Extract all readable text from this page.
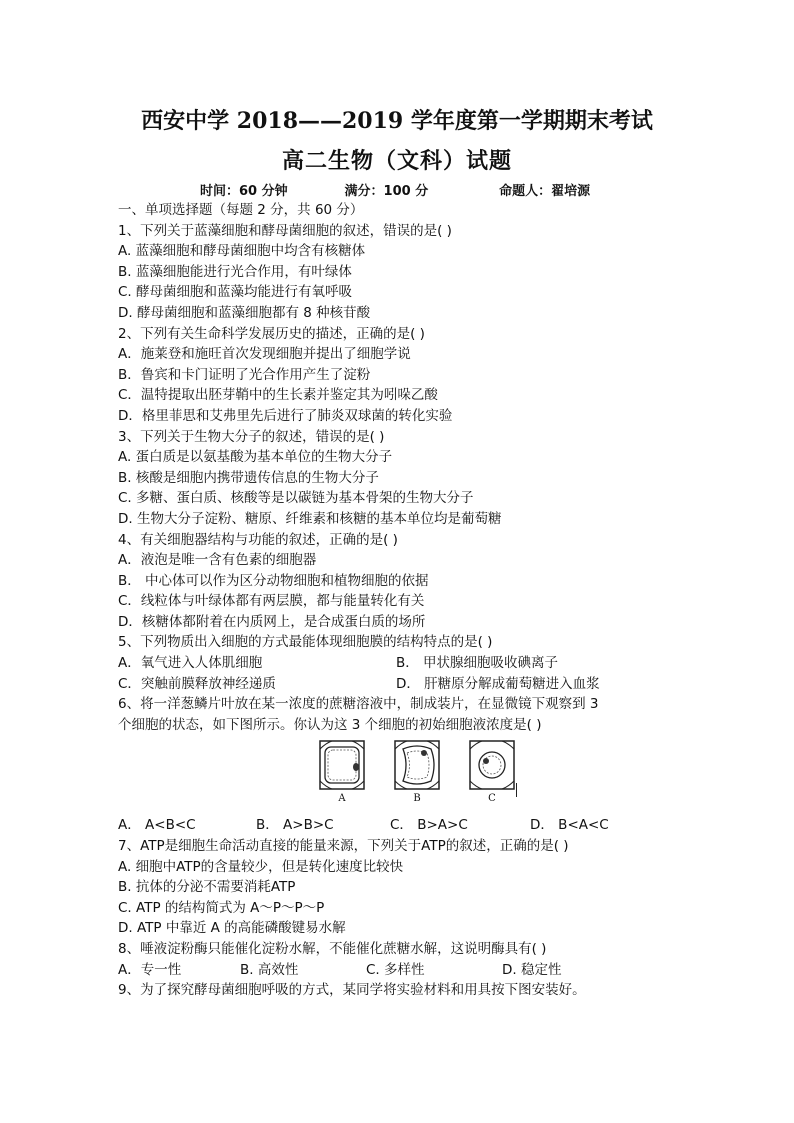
西安中学 2018——2019 学年度第一学期期末考试
高二生物（文科）试题
时间：60 分钟	满分：100 分	命题人：翟培源
一、单项选择题（每题 2 分，共 60 分）
1、下列关于蓝藻细胞和酵母菌细胞的叙述，错误的是( )
A. 蓝藻细胞和酵母菌细胞中均含有核糖体
B. 蓝藻细胞能进行光合作用，有叶绿体
C. 酵母菌细胞和蓝藻均能进行有氧呼吸
D. 酵母菌细胞和蓝藻细胞都有 8 种核苷酸
2、下列有关生命科学发展历史的描述，正确的是( )
A．施莱登和施旺首次发现细胞并提出了细胞学说
B．鲁宾和卡门证明了光合作用产生了淀粉
C．温特提取出胚芽鞘中的生长素并鉴定其为吲哚乙酸
D．格里菲思和艾弗里先后进行了肺炎双球菌的转化实验
3、下列关于生物大分子的叙述，错误的是( )
A. 蛋白质是以氨基酸为基本单位的生物大分子
B. 核酸是细胞内携带遗传信息的生物大分子
C. 多糖、蛋白质、核酸等是以碳链为基本骨架的生物大分子
D. 生物大分子淀粉、糖原、纤维素和核糖的基本单位均是葡萄糖
4、有关细胞器结构与功能的叙述，正确的是( )
A．液泡是唯一含有色素的细胞器
B． 中心体可以作为区分动物细胞和植物细胞的依据
C．线粒体与叶绿体都有两层膜，都与能量转化有关
D．核糖体都附着在内质网上，是合成蛋白质的场所
5、下列物质出入细胞的方式最能体现细胞膜的结构特点的是( )
A．氧气进入人体肌细胞	B． 甲状腺细胞吸收碘离子
C．突触前膜释放神经递质	D． 肝糖原分解成葡萄糖进入血浆
6、将一洋葱鳞片叶放在某一浓度的蔗糖溶液中，制成装片，在显微镜下观察到 3
个细胞的状态，如下图所示。你认为这 3 个细胞的初始细胞液浓度是( )
A	B	C
A． A<B<C	B． A>B>C	C． B>A>C	D． B<A<C
7、ATP是细胞生命活动直接的能量来源，下列关于ATP的叙述，正确的是( )
A. 细胞中ATP的含量较少，但是转化速度比较快
B. 抗体的分泌不需要消耗ATP
C. ATP 的结构简式为 A～P～P～P
D. ATP 中靠近 A 的高能磷酸键易水解
8、唾液淀粉酶只能催化淀粉水解，不能催化蔗糖水解，这说明酶具有( )
A．专一性	B. 高效性	C. 多样性	D. 稳定性
9、为了探究酵母菌细胞呼吸的方式，某同学将实验材料和用具按下图安装好。
